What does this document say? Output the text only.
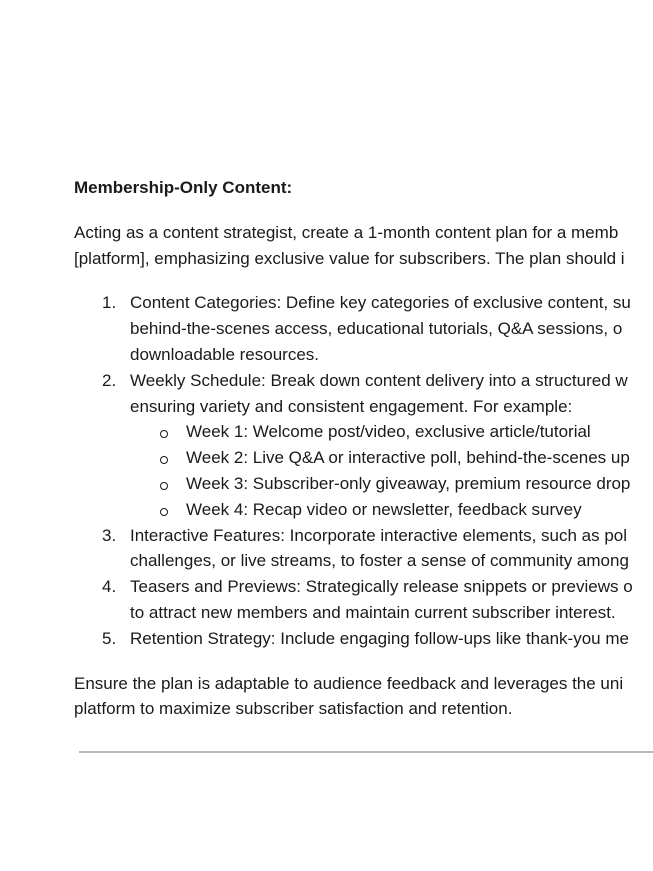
Membership-Only Content:
Acting as a content strategist, create a 1-month content plan for a memb
[platform], emphasizing exclusive value for subscribers. The plan should i
1. Content Categories: Define key categories of exclusive content, su
behind-the-scenes access, educational tutorials, Q&A sessions, o
downloadable resources.
2. Weekly Schedule: Break down content delivery into a structured w
ensuring variety and consistent engagement. For example:
Week 1: Welcome post/video, exclusive article/tutorial
Week 2: Live Q&A or interactive poll, behind-the-scenes up
Week 3: Subscriber-only giveaway, premium resource drop
Week 4: Recap video or newsletter, feedback survey
3. Interactive Features: Incorporate interactive elements, such as pol
challenges, or live streams, to foster a sense of community among
4. Teasers and Previews: Strategically release snippets or previews o
to attract new members and maintain current subscriber interest.
5. Retention Strategy: Include engaging follow-ups like thank-you me
Ensure the plan is adaptable to audience feedback and leverages the uni
platform to maximize subscriber satisfaction and retention.
